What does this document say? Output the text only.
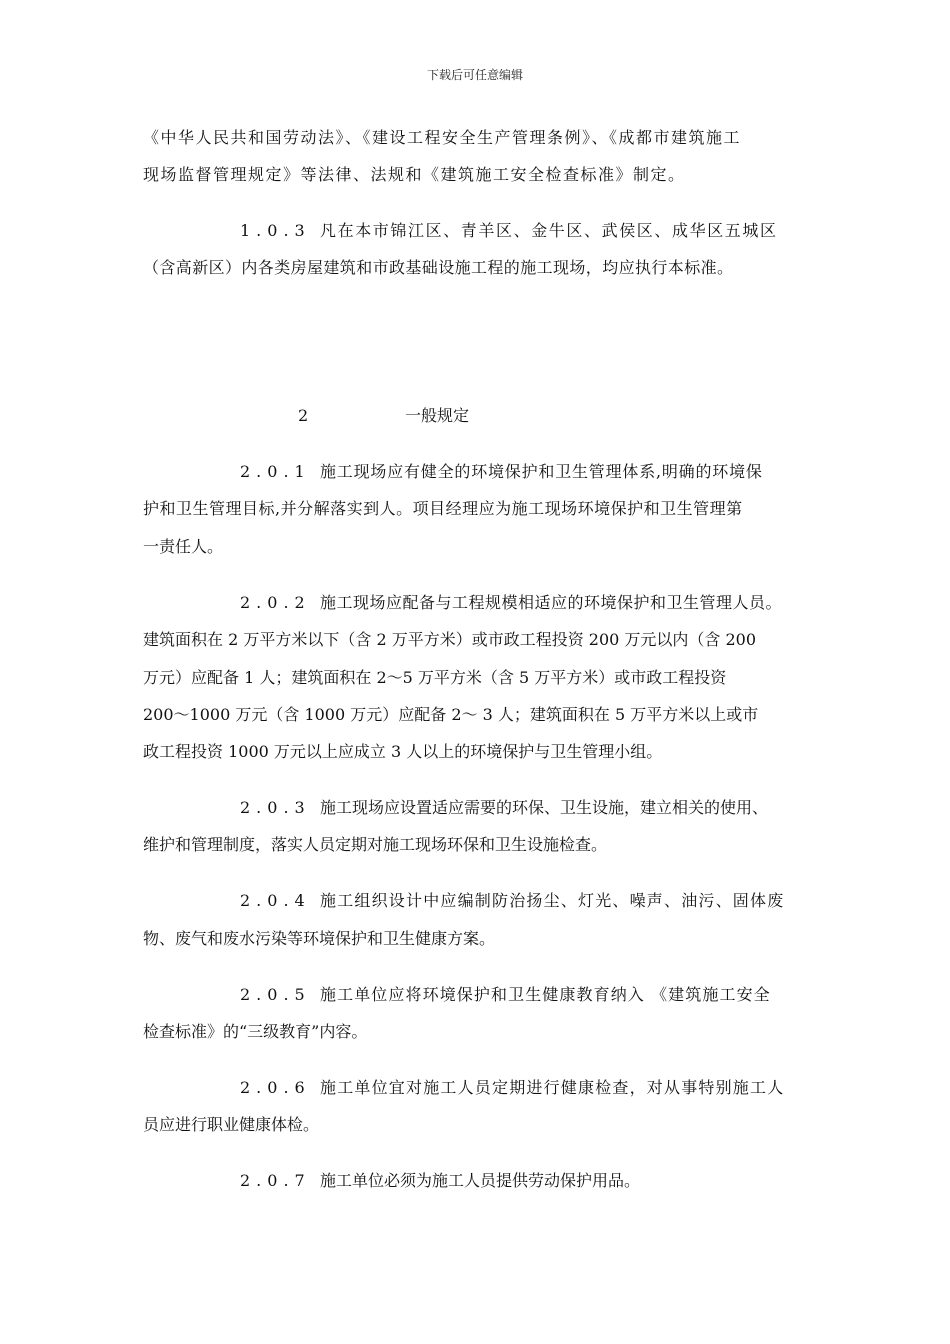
下载后可任意编辑
《中华人民共和国劳动法》、《建设工程安全生产管理条例》、《成都市建筑施工
现场监督管理规定》等法律、法规和《建筑施工安全检查标准》制定。
1.0.3 凡在本市锦江区、青羊区、金牛区、武侯区、成华区五城区
（含高新区）内各类房屋建筑和市政基础设施工程的施工现场，均应执行本标准。
2	一般规定
2.0.1 施工现场应有健全的环境保护和卫生管理体系,明确的环境保
护和卫生管理目标,并分解落实到人。项目经理应为施工现场环境保护和卫生管理第
一责任人。
2.0.2 施工现场应配备与工程规模相适应的环境保护和卫生管理人员。
建筑面积在 2 万平方米以下（含 2 万平方米）或市政工程投资 200 万元以内（含 200
万元）应配备 1 人；建筑面积在 2～5 万平方米（含 5 万平方米）或市政工程投资
200～1000 万元（含 1000 万元）应配备 2～ 3 人；建筑面积在 5 万平方米以上或市
政工程投资 1000 万元以上应成立 3 人以上的环境保护与卫生管理小组。
2.0.3 施工现场应设置适应需要的环保、卫生设施，建立相关的使用、
维护和管理制度，落实人员定期对施工现场环保和卫生设施检查。
2.0.4 施工组织设计中应编制防治扬尘、灯光、噪声、油污、固体废
物、废气和废水污染等环境保护和卫生健康方案。
2.0.5 施工单位应将环境保护和卫生健康教育纳入 《建筑施工安全
检查标准》的“三级教育”内容。
2.0.6 施工单位宜对施工人员定期进行健康检查，对从事特别施工人
员应进行职业健康体检。
2.0.7 施工单位必须为施工人员提供劳动保护用品。
